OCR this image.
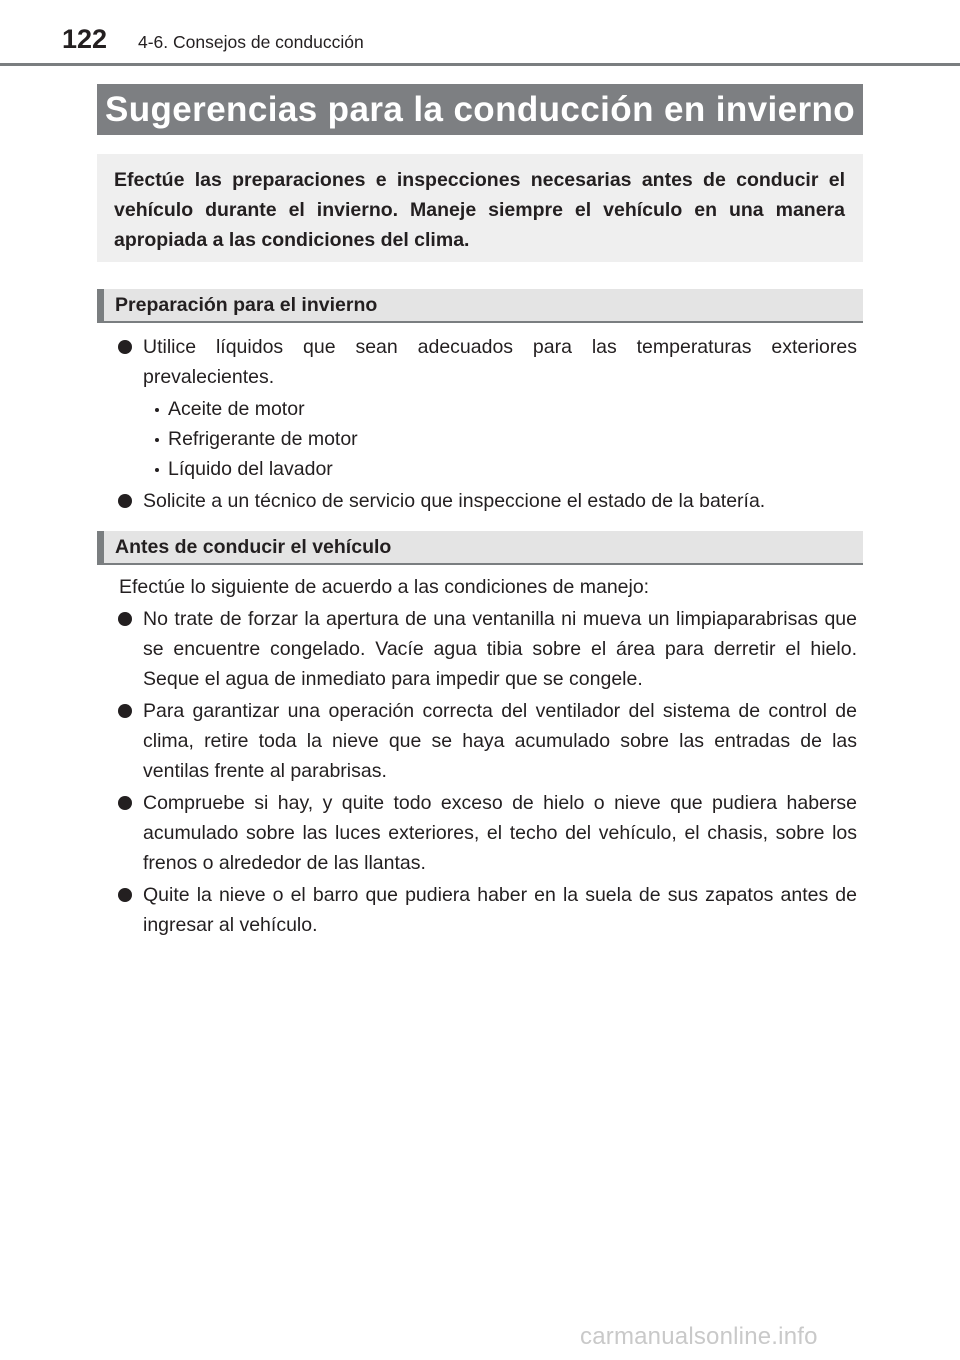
122 4-6. Consejos de conducción
Sugerencias para la conducción en invierno

Efectúe las preparaciones e inspecciones necesarias antes de conducir el vehículo durante el invierno. Maneje siempre el vehículo en una manera apropiada a las condiciones del clima.

Preparación para el invierno
Utilice líquidos que sean adecuados para las temperaturas exteriores prevalecientes.
Aceite de motor
Refrigerante de motor
Líquido del lavador
Solicite a un técnico de servicio que inspeccione el estado de la batería.
Antes de conducir el vehículo
Efectúe lo siguiente de acuerdo a las condiciones de manejo:
No trate de forzar la apertura de una ventanilla ni mueva un limpiaparabrisas que se encuentre congelado. Vacíe agua tibia sobre el área para derretir el hielo. Seque el agua de inmediato para impedir que se congele.
Para garantizar una operación correcta del ventilador del sistema de control de clima, retire toda la nieve que se haya acumulado sobre las entradas de las ventilas frente al parabrisas.
Compruebe si hay, y quite todo exceso de hielo o nieve que pudiera haberse acumulado sobre las luces exteriores, el techo del vehículo, el chasis, sobre los frenos o alrededor de las llantas.
Quite la nieve o el barro que pudiera haber en la suela de sus zapatos antes de ingresar al vehículo.
carmanualsonline.info
